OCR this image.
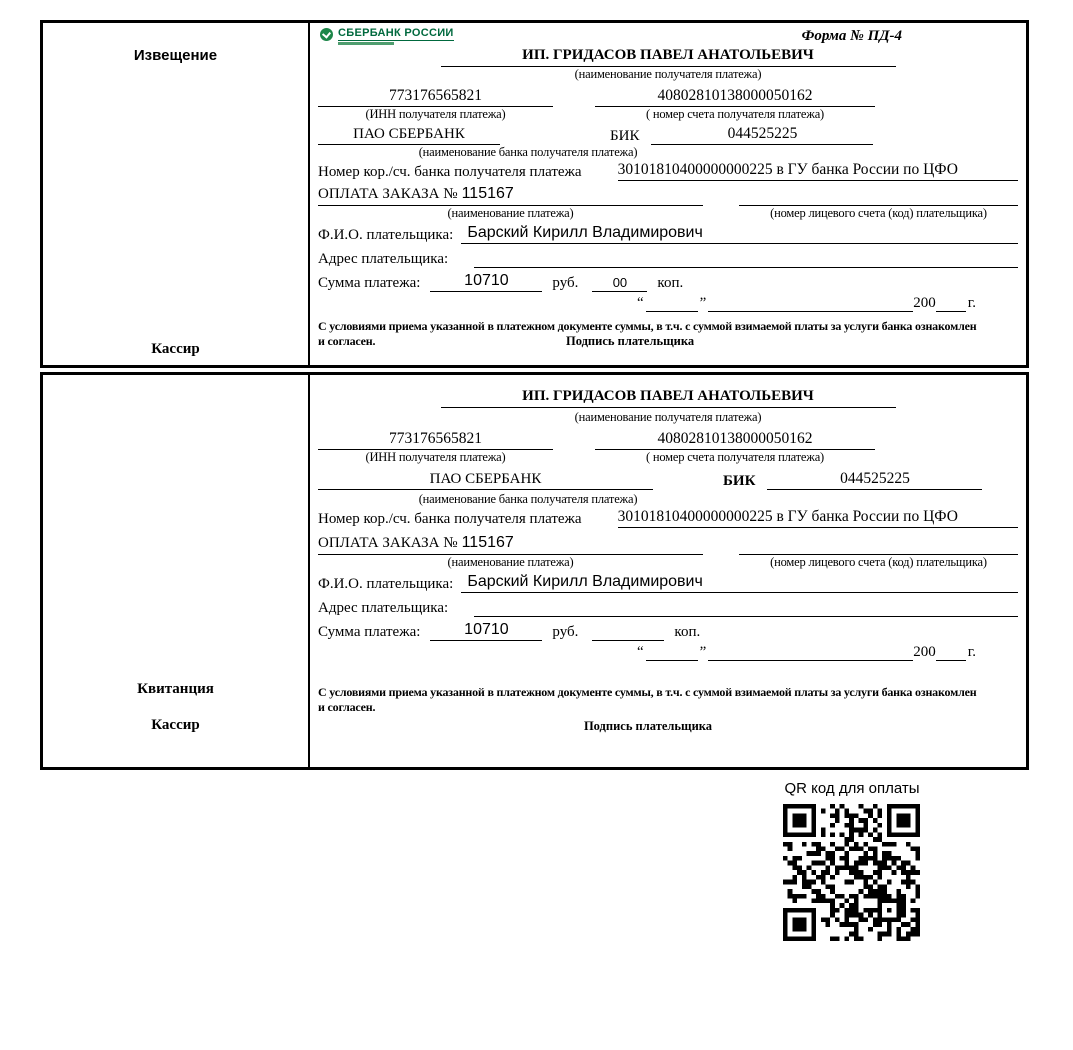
Извещение
Кассир
СБЕРБАНК РОССИИ	Форма № ПД-4
ИП. ГРИДАСОВ ПАВЕЛ АНАТОЛЬЕВИЧ
(наименование получателя платежа)
773176565821	40802810138000050162
(ИНН получателя платежа)	( номер счета получателя платежа)
ПАО СБЕРБАНК	БИК	044525225
(наименование банка получателя платежа)
Номер кор./сч. банка получателя платежа 30101810400000000225 в ГУ банка России по ЦФО
ОПЛАТА ЗАКАЗА № 115167
(наименование платежа)	(номер лицевого счета (код) плательщика)
Ф.И.О. плательщика: Барский Кирилл Владимирович
Адрес плательщика:
Сумма платежа:	10710	руб.	00	коп.
“	”	200 г.
С условиями приема указанной в платежном документе суммы, в т.ч. с суммой взимаемой платы за услуги банка ознакомлен и согласен.	Подпись плательщика
Квитанция
Кассир
ИП. ГРИДАСОВ ПАВЕЛ АНАТОЛЬЕВИЧ
(наименование получателя платежа)
773176565821	40802810138000050162
(ИНН получателя платежа)	( номер счета получателя платежа)
ПАО СБЕРБАНК	БИК	044525225
(наименование банка получателя платежа)
Номер кор./сч. банка получателя платежа 30101810400000000225 в ГУ банка России по ЦФО
ОПЛАТА ЗАКАЗА № 115167
(наименование платежа)	(номер лицевого счета (код) плательщика)
Ф.И.О. плательщика: Барский Кирилл Владимирович
Адрес плательщика:
Сумма платежа:	10710	руб.	коп.
“	”	200 г.
С условиями приема указанной в платежном документе суммы, в т.ч. с суммой взимаемой платы за услуги банка ознакомлен и согласен.
Подпись плательщика
QR код для оплаты
